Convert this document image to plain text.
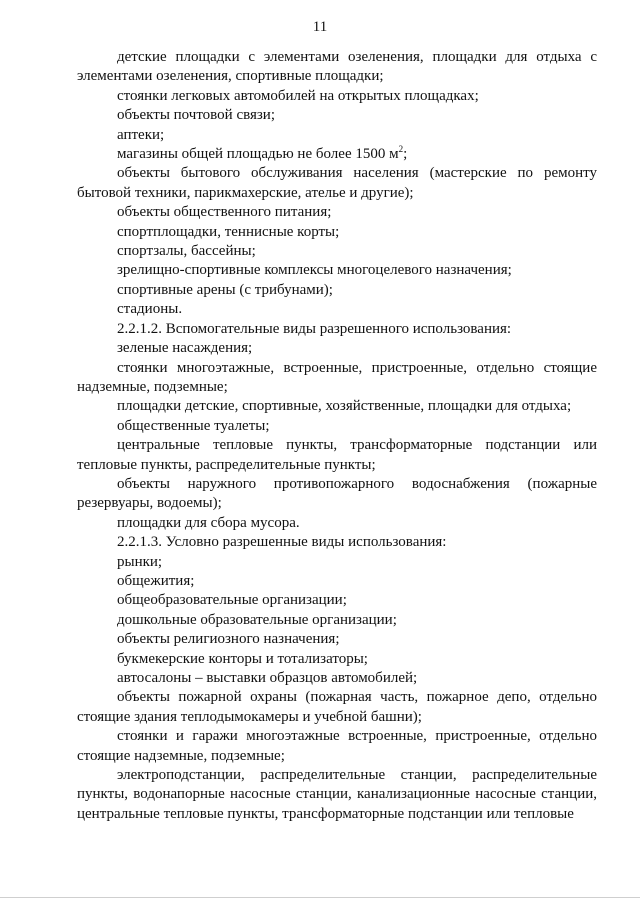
11

детские площадки с элементами озеленения, площадки для отдыха с элементами озеленения, спортивные площадки;

стоянки легковых автомобилей на открытых площадках;

объекты почтовой связи;

аптеки;

магазины общей площадью не более 1500 $м^2$;

объекты бытового обслуживания населения (мастерские по ремонту бытовой техники, парикмахерские, ателье и другие);

объекты общественного питания;

спортплощадки, теннисные корты;

спортзалы, бассейны;

зрелищно-спортивные комплексы многоцелевого назначения;

спортивные арены (с трибунами);

стадионы.

2.2.1.2. Вспомогательные виды разрешенного использования:

зеленые насаждения;

стоянки многоэтажные, встроенные, пристроенные, отдельно стоящие надземные, подземные;

площадки детские, спортивные, хозяйственные, площадки для отдыха;

общественные туалеты;

центральные тепловые пункты, трансформаторные подстанции или тепловые пункты, распределительные пункты;

объекты наружного противопожарного водоснабжения (пожарные резервуары, водоемы);

площадки для сбора мусора.

2.2.1.3. Условно разрешенные виды использования:

рынки;

общежития;

общеобразовательные организации;

дошкольные образовательные организации;

объекты религиозного назначения;

букмекерские конторы и тотализаторы;

автосалоны – выставки образцов автомобилей;

объекты пожарной охраны (пожарная часть, пожарное депо, отдельно стоящие здания теплодымокамеры и учебной башни);

стоянки и гаражи многоэтажные встроенные, пристроенные, отдельно стоящие надземные, подземные;

электроподстанции, распределительные станции, распределительные пункты, водонапорные насосные станции, канализационные насосные станции, центральные тепловые пункты, трансформаторные подстанции или тепловые
